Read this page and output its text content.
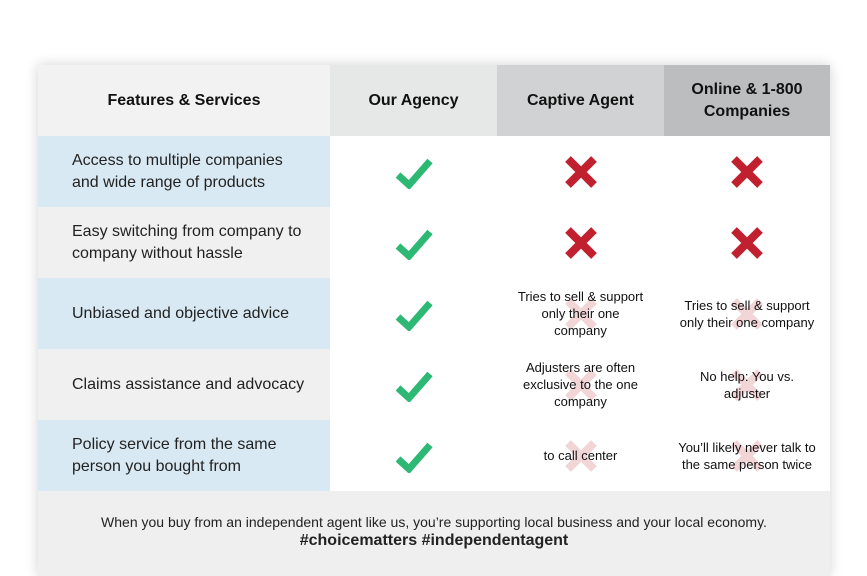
Features & Services	Our Agency	Captive Agent
Online & 1-800 Companies
Access to multiple companies and wide range of products
Easy switching from company to company without hassle
Unbiased and objective advice
Tries to sell & support only their one company
Tries to sell & support only their one company
Claims assistance and advocacy
Adjusters are often exclusive to the one company
No help: You vs. adjuster
Policy service from the same person you bought from
to call center
You’ll likely never talk to the same person twice
When you buy from an independent agent like us, you’re supporting local business and your local economy.
#choicematters #independentagent
